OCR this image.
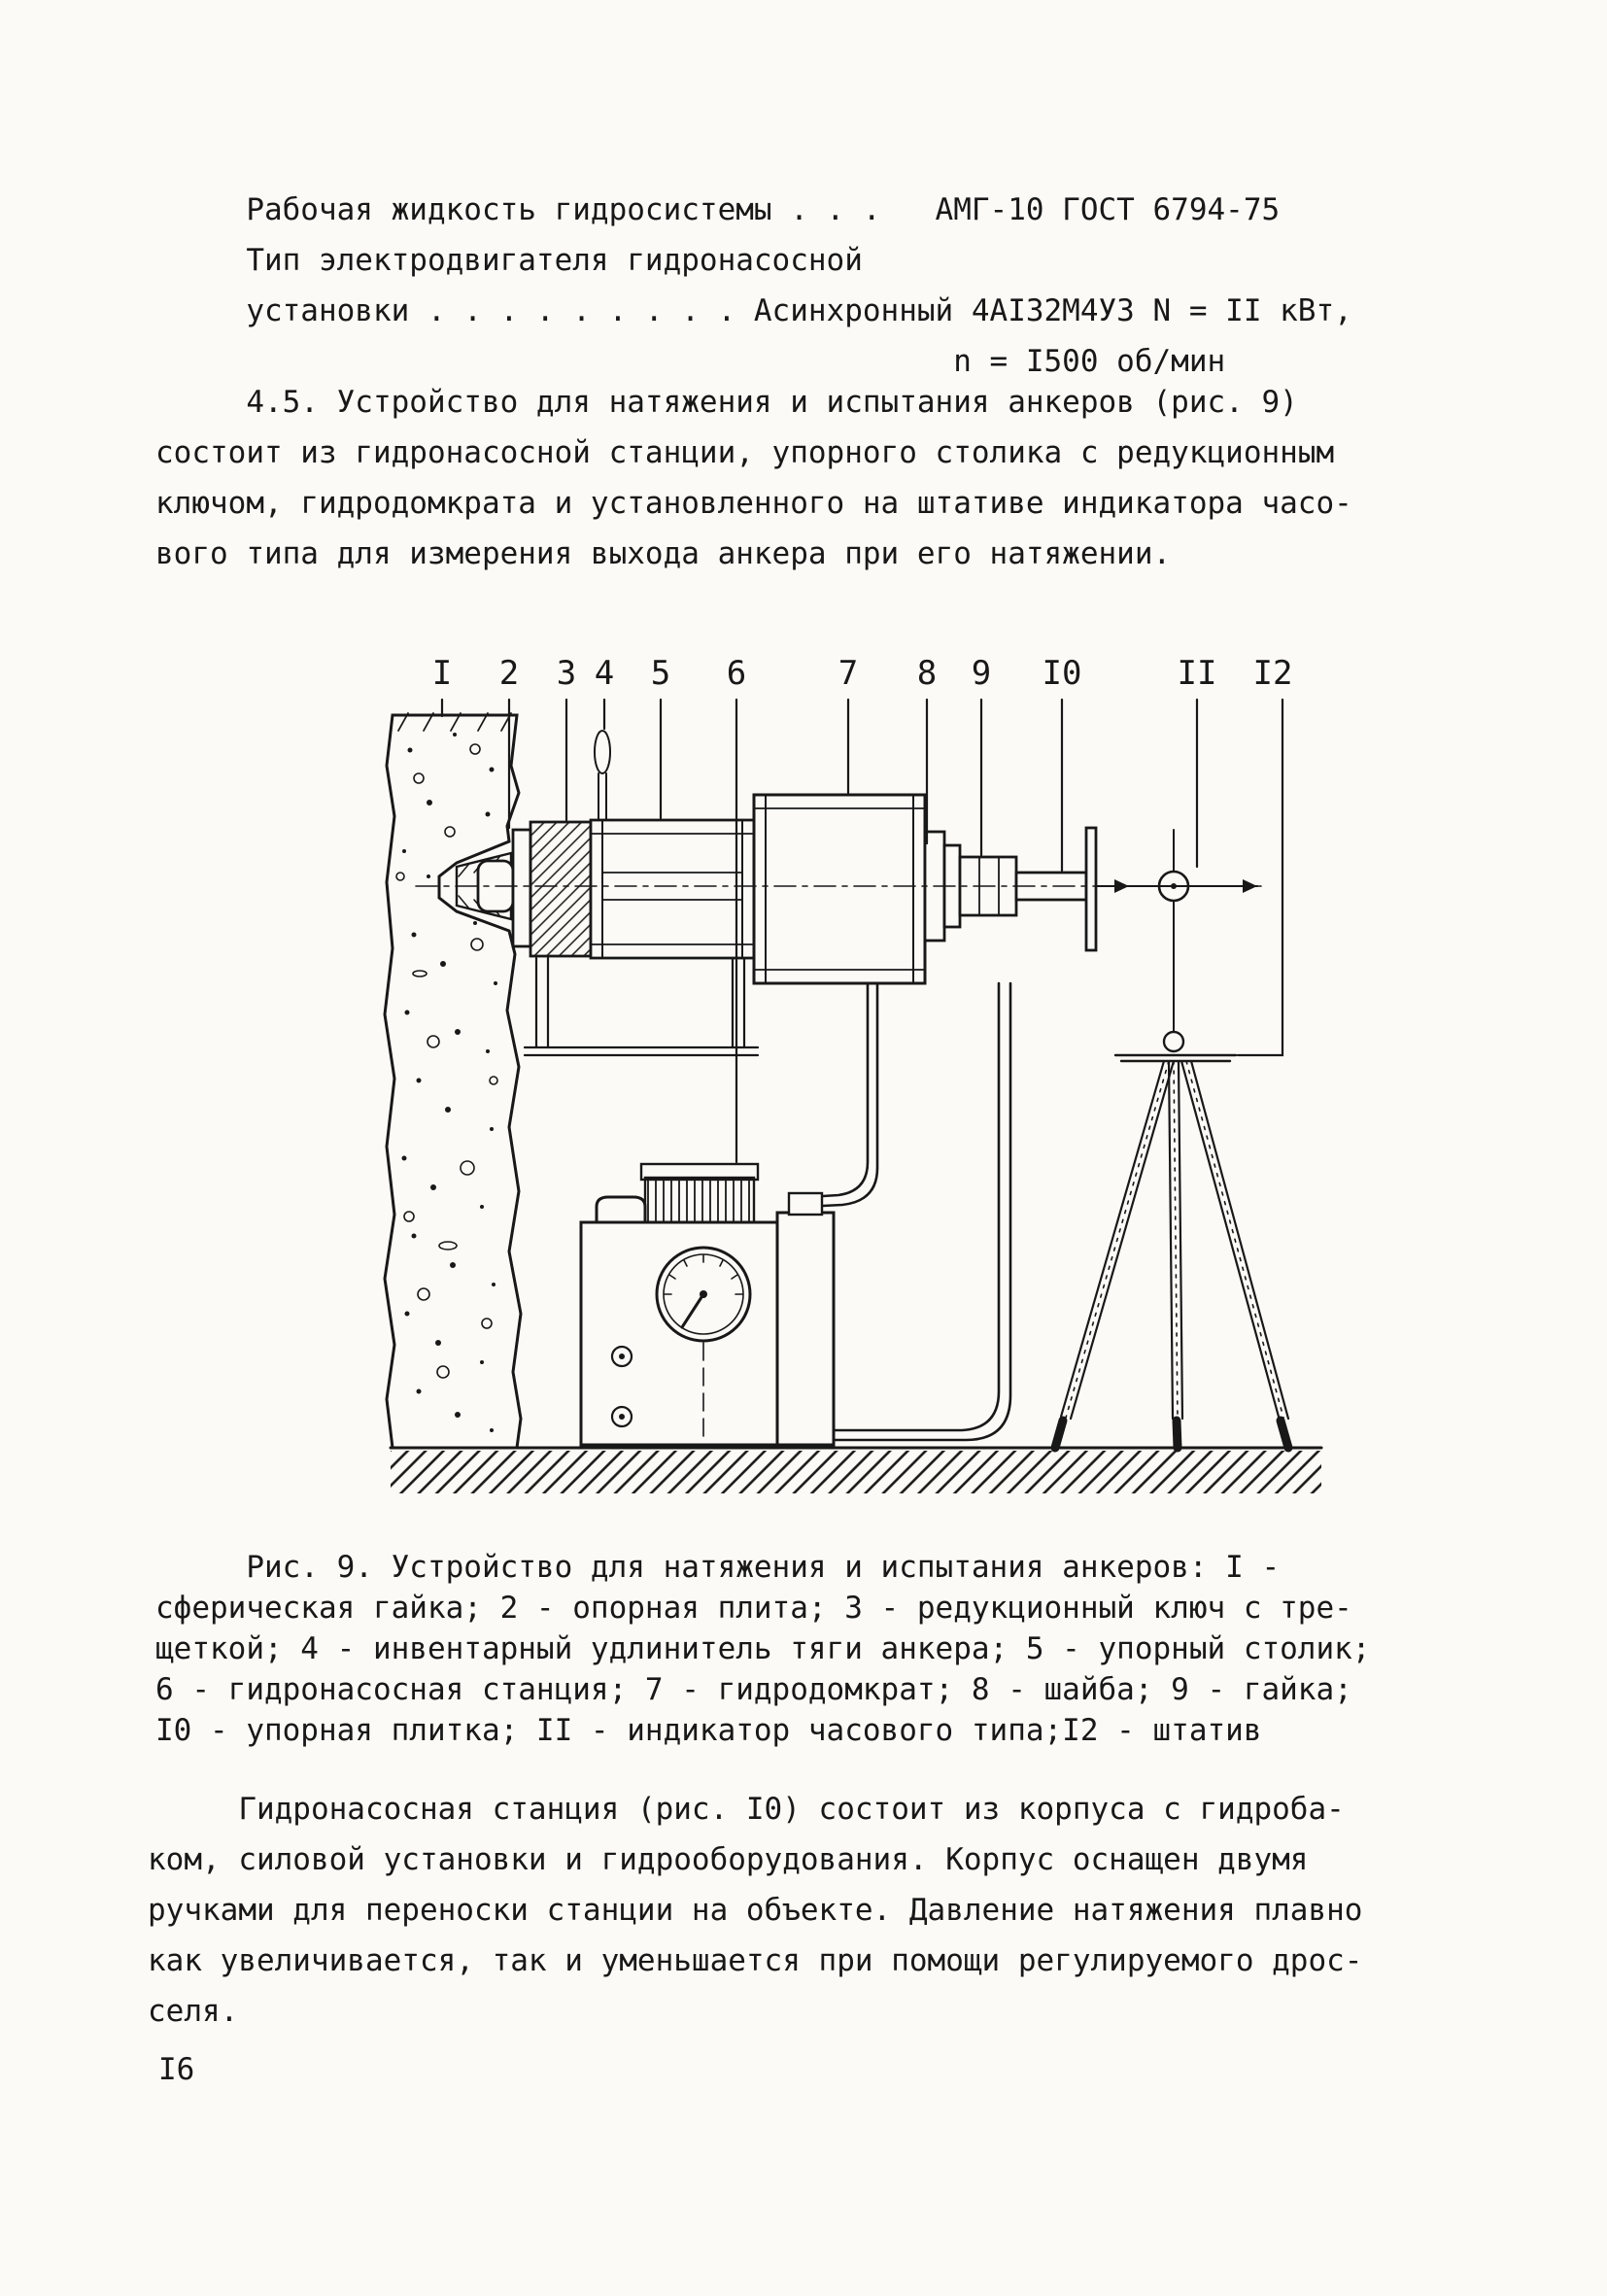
Рабочая жидкость гидросистемы . . .   АМГ-10 ГОСТ 6794-75
Тип электродвигателя гидронасосной
установки . . . . . . . . . Асинхронный 4АI32М4УЗ N = II кВт,
n = I500 об/мин
4.5. Устройство для натяжения и испытания анкеров (рис. 9)
состоит из гидронасосной станции, упорного столика с редукционным
ключом, гидродомкрата и установленного на штативе индикатора часо-
вого типа для измерения выхода анкера при его натяжении.
I 2 3 4 5 6	7 8 9 I0	II I2
Рис. 9. Устройство для натяжения и испытания анкеров: I -
сферическая гайка; 2 - опорная плита; 3 - редукционный ключ с тре-
щеткой; 4 - инвентарный удлинитель тяги анкера; 5 - упорный столик;
6 - гидронасосная станция; 7 - гидродомкрат; 8 - шайба; 9 - гайка;
I0 - упорная плитка; II - индикатор часового типа;I2 - штатив
Гидронасосная станция (рис. I0) состоит из корпуса с гидроба-
ком, силовой установки и гидрооборудования. Корпус оснащен двумя
ручками для переноски станции на объекте. Давление натяжения плавно
как увеличивается, так и уменьшается при помощи регулируемого дрос-
селя.
I6
